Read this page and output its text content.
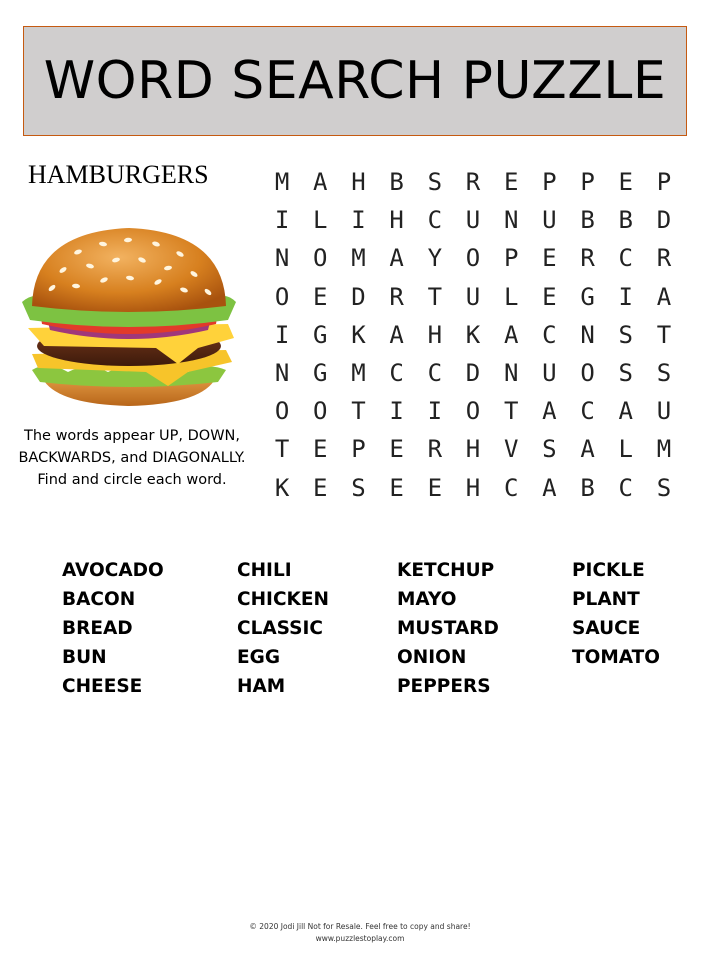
WORD SEARCH PUZZLE
HAMBURGERS
The words appear UP, DOWN,
BACKWARDS, and DIAGONALLY.
Find and circle each word.
M A H B S R E P P E P
I L I H C U N U B B D
N O M A Y O P E R C R
O E D R T U L E G I A
I G K A H K A C N S T
N G M C C D N U O S S
O O T I I O T A C A U
T E P E R H V S A L M
K E S E E H C A B C S
AVOCADO
BACON
BREAD
BUN
CHEESE
CHILI
CHICKEN
CLASSIC
EGG
HAM
KETCHUP
MAYO
MUSTARD
ONION
PEPPERS
PICKLE
PLANT
SAUCE
TOMATO
© 2020 Jodi Jill Not for Resale. Feel free to copy and share!
www.puzzlestoplay.com
